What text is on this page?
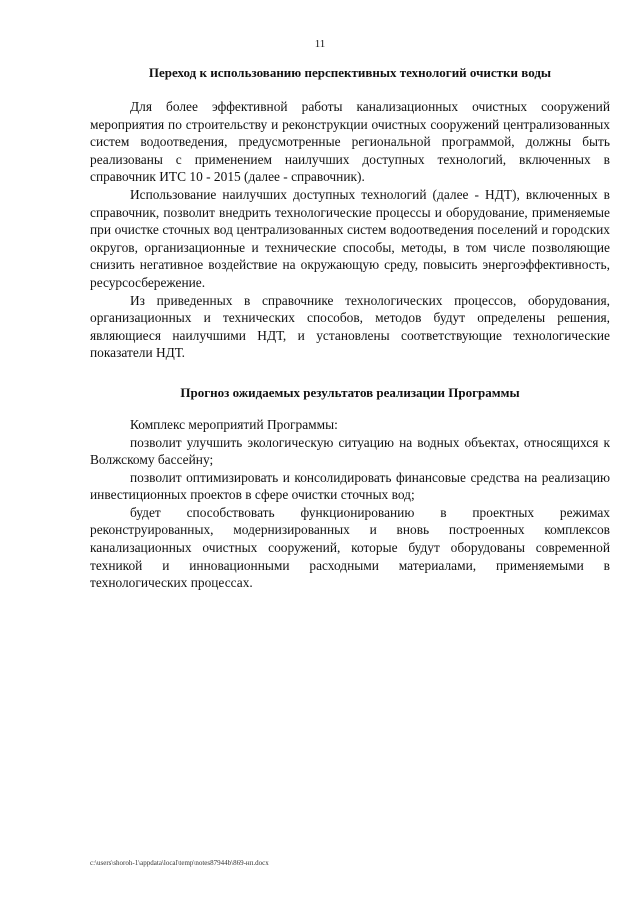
11
Переход к использованию перспективных технологий очистки воды

Для более эффективной работы канализационных очистных сооружений мероприятия по строительству и реконструкции очистных сооружений централизованных систем водоотведения, предусмотренные региональной программой, должны быть реализованы с применением наилучших доступных технологий, включенных в справочник ИТС 10 - 2015 (далее - справочник).

Использование наилучших доступных технологий (далее - НДТ), включенных в справочник, позволит внедрить технологические процессы и оборудование, применяемые при очистке сточных вод централизованных систем водоотведения поселений и городских округов, организационные и технические способы, методы, в том числе позволяющие снизить негативное воздействие на окружающую среду, повысить энергоэффективность, ресурсосбережение.

Из приведенных в справочнике технологических процессов, оборудования, организационных и технических способов, методов будут определены решения, являющиеся наилучшими НДТ, и установлены соответствующие технологические показатели НДТ.

Прогноз ожидаемых результатов реализации Программы

Комплекс мероприятий Программы:

позволит улучшить экологическую ситуацию на водных объектах, относящихся к Волжскому бассейну;

позволит оптимизировать и консолидировать финансовые средства на реализацию инвестиционных проектов в сфере очистки сточных вод;

будет способствовать функционированию в проектных режимах реконструированных, модернизированных и вновь построенных комплексов канализационных очистных сооружений, которые будут оборудованы современной техникой и инновационными расходными материалами, применяемыми в технологических процессах.

c:\users\shoroh-1\appdata\local\temp\notes87944b\869-нп.docx
